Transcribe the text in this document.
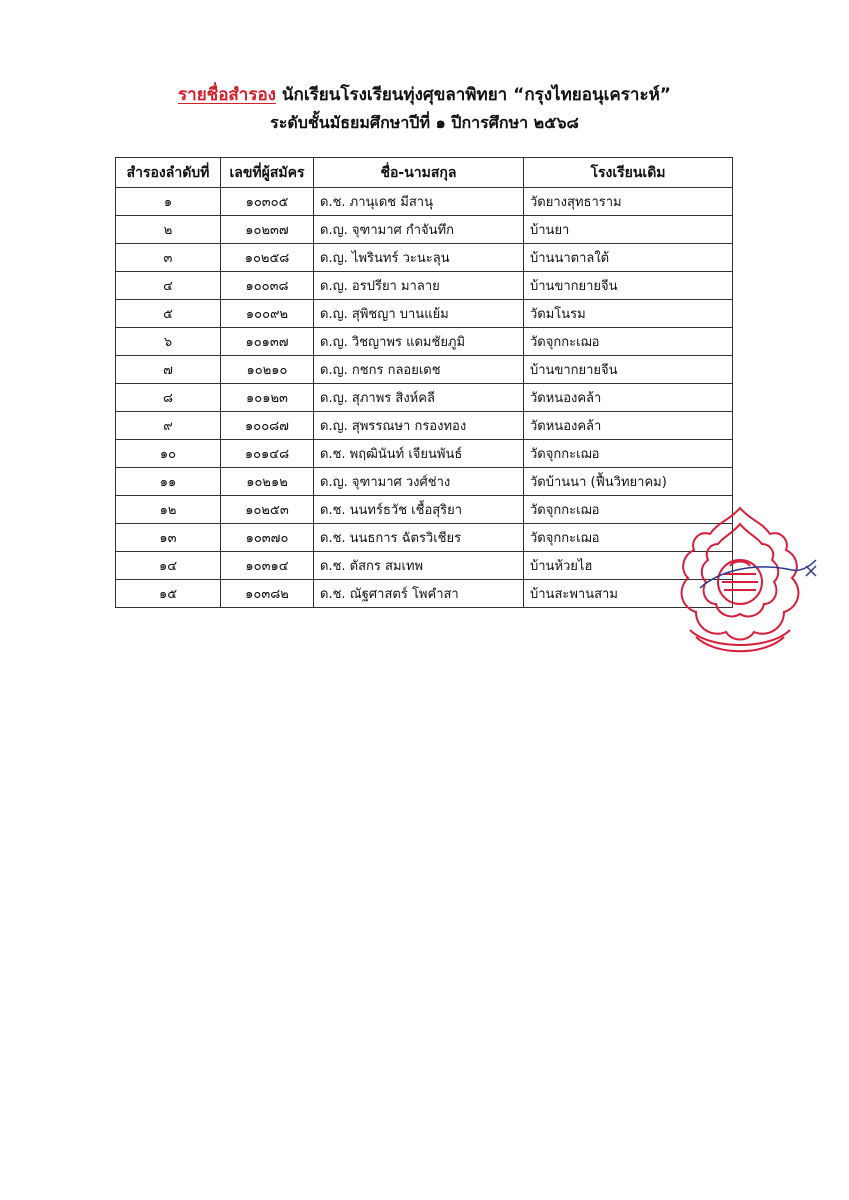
รายชื่อสำรอง นักเรียนโรงเรียนทุ่งศุขลาพิทยา “กรุงไทยอนุเคราะห์”
ระดับชั้นมัธยมศึกษาปีที่ ๑ ปีการศึกษา ๒๕๖๘
สำรองลำดับที่	เลขที่ผู้สมัคร	ชื่อ-นามสกุล	โรงเรียนเดิม
๑	๑๐๓๐๕	ด.ช. ภานุเดช มีสานุ	วัดยางสุทธาราม
๒	๑๐๒๓๗	ด.ญ. จุฑามาศ กำจันทึก	บ้านยา
๓	๑๐๒๕๘	ด.ญ. ไพรินทร์ วะนะลุน	บ้านนาตาลใต้
๔	๑๐๐๓๘	ด.ญ. อรปรียา มาลาย	บ้านขากยายจีน
๕	๑๐๐๙๒	ด.ญ. สุพิชญา บานแย้ม	วัดมโนรม
๖	๑๐๑๓๗	ด.ญ. วิชญาพร แดมชัยภูมิ	วัดจุกกะเฌอ
๗	๑๐๒๑๐	ด.ญ. กชกร กลอยเดช	บ้านขากยายจีน
๘	๑๐๑๒๓	ด.ญ. สุภาพร สิงห์คลี	วัดหนองคล้า
๙	๑๐๐๘๗	ด.ญ. สุพรรณษา กรองทอง	วัดหนองคล้า
๑๐	๑๐๑๔๘	ด.ช. พฤฒินันท์ เจียนพันธ์	วัดจุกกะเฌอ
๑๑	๑๐๒๑๒	ด.ญ. จุฑามาศ วงศ์ช่าง	วัดบ้านนา (ฟื้นวิทยาคม)
๑๒	๑๐๒๕๓	ด.ช. นนทร์ธวัช เชื้อสุริยา	วัดจุกกะเฌอ
๑๓	๑๐๓๗๐	ด.ช. นนธการ ฉัตรวิเชียร	วัดจุกกะเฌอ
๑๔	๑๐๓๑๔	ด.ช. ตัสกร สมเทพ	บ้านห้วยไฮ
๑๕	๑๐๓๘๒	ด.ช. ณัฐศาสตร์ โพคำสา	บ้านสะพานสาม
